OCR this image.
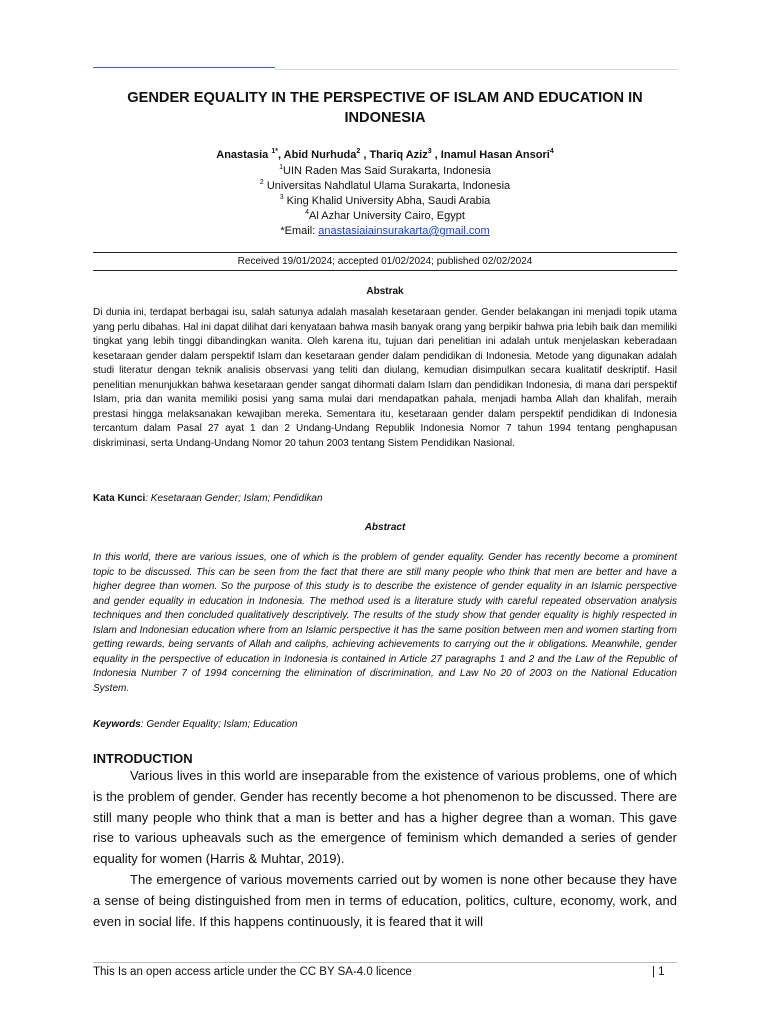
GENDER EQUALITY IN THE PERSPECTIVE OF ISLAM AND EDUCATION IN INDONESIA
Anastasia $^{1*}$, Abid Nurhuda$^2$ , Thariq Aziz$^3$ , Inamul Hasan Ansori$^4$
$^1$UIN Raden Mas Said Surakarta, Indonesia
$^2$ Universitas Nahdlatul Ulama Surakarta, Indonesia
$^3$ King Khalid University Abha, Saudi Arabia
$^4$Al Azhar University Cairo, Egypt
*Email: anastasiaiainsurakarta@gmail.com
Received 19/01/2024; accepted 01/02/2024; published 02/02/2024
Abstrak

Di dunia ini, terdapat berbagai isu, salah satunya adalah masalah kesetaraan gender. Gender belakangan ini menjadi topik utama yang perlu dibahas. Hal ini dapat dilihat dari kenyataan bahwa masih banyak orang yang berpikir bahwa pria lebih baik dan memiliki tingkat yang lebih tinggi dibandingkan wanita. Oleh karena itu, tujuan dari penelitian ini adalah untuk menjelaskan keberadaan kesetaraan gender dalam perspektif Islam dan kesetaraan gender dalam pendidikan di Indonesia. Metode yang digunakan adalah studi literatur dengan teknik analisis observasi yang teliti dan diulang, kemudian disimpulkan secara kualitatif deskriptif. Hasil penelitian menunjukkan bahwa kesetaraan gender sangat dihormati dalam Islam dan pendidikan Indonesia, di mana dari perspektif Islam, pria dan wanita memiliki posisi yang sama mulai dari mendapatkan pahala, menjadi hamba Allah dan khalifah, meraih prestasi hingga melaksanakan kewajiban mereka. Sementara itu, kesetaraan gender dalam perspektif pendidikan di Indonesia tercantum dalam Pasal 27 ayat 1 dan 2 Undang-Undang Republik Indonesia Nomor 7 tahun 1994 tentang penghapusan diskriminasi, serta Undang-Undang Nomor 20 tahun 2003 tentang Sistem Pendidikan Nasional.

Kata Kunci: Kesetaraan Gender; Islam; Pendidikan
Abstract

In this world, there are various issues, one of which is the problem of gender equality. Gender has recently become a prominent topic to be discussed. This can be seen from the fact that there are still many people who think that men are better and have a higher degree than women. So the purpose of this study is to describe the existence of gender equality in an Islamic perspective and gender equality in education in Indonesia. The method used is a literature study with careful repeated observation analysis techniques and then concluded qualitatively descriptively. The results of the study show that gender equality is highly respected in Islam and Indonesian education where from an Islamic perspective it has the same position between men and women starting from getting rewards, being servants of Allah and caliphs, achieving achievements to carrying out the ir obligations. Meanwhile, gender equality in the perspective of education in Indonesia is contained in Article 27 paragraphs 1 and 2 and the Law of the Republic of Indonesia Number 7 of 1994 concerning the elimination of discrimination, and Law No 20 of 2003 on the National Education System.

Keywords: Gender Equality; Islam; Education
INTRODUCTION

Various lives in this world are inseparable from the existence of various problems, one of which is the problem of gender. Gender has recently become a hot phenomenon to be discussed. There are still many people who think that a man is better and has a higher degree than a woman. This gave rise to various upheavals such as the emergence of feminism which demanded a series of gender equality for women (Harris & Muhtar, 2019).

The emergence of various movements carried out by women is none other because they have a sense of being distinguished from men in terms of education, politics, culture, economy, work, and even in social life. If this happens continuously, it is feared that it will

This Is an open access article under the CC BY SA-4.0 licence	| 1
